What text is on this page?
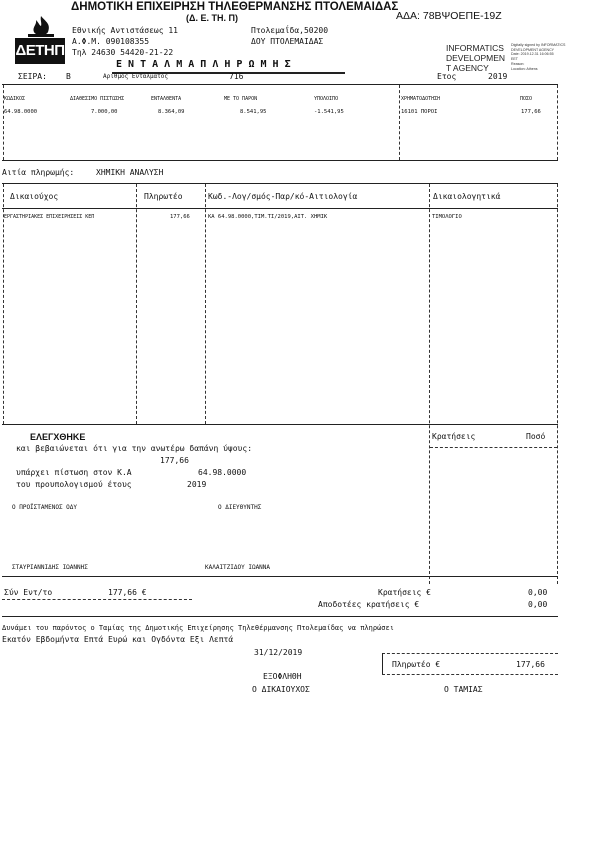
ΔΕΤΗΠ
ΔΗΜΟΤΙΚΗ ΕΠΙΧΕΙΡΗΣΗ ΤΗΛΕΘΕΡΜΑΝΣΗΣ ΠΤΟΛΕΜΑΙΔΑΣ
(Δ. Ε. ΤΗ. Π)	ΑΔΑ: 78ΒΨΟΕΠΕ-19Ζ
Εθνικής Αντιστάσεως 11	Πτολεμαΐδα,50200
Α.Φ.Μ. 090108355	ΔΟΥ ΠΤΟΛΕΜΑΙΔΑΣ
Τηλ 24630 54420-21-22	INFORMATICS
DEVELOPMEN
T AGENCY
Digitally signed by INFORMATICS
DEVELOPMENT AGENCY
Date: 2019.12.31 16:06:55
EET
Reason:
Location: Athens
Ε Ν Τ Α Λ Μ Α Π Λ Η Ρ Ω Μ Η Σ
ΣΕΙΡΑ: Β	Αριθμος Ενταλματος	716	Ετος	2019
ΚΩΔΙΚΟΣ	ΔΙΑΘΕΣΙΜΟ ΠΙΣΤΩΣΗΣ	ΕΝΤΑΛΘΕΝΤΑ	ΜΕ ΤΟ ΠΑΡΟΝ	ΥΠΟΛΟΙΠΟ	ΧΡΗΜΑΤΟΔΟΤΗΣΗ	ΠΟΣΟ
64.98.0000	7.000,00	8.364,09	8.541,95	-1.541,95	16101 ΠΟΡΟΙ	177,66
Αιτία πληρωμής:	ΧΗΜΙΚΗ ΑΝΑΛΥΣΗ
Δικαιούχος	Πληρωτέο	Κωδ.-Λογ/σμός-Παρ/κό-Αιτιολογία	Δικαιολογητικά
ΕΡΓΑΣΤΗΡΙΑΚΕΣ ΕΠΙΧΕΙΡΗΣΕΙΣ ΚΕΠ	177,66	ΚΑ 64.98.0000,ΤΙΜ.ΤΙ/2019,ΑΙΤ. ΧΗΜΙΚ	ΤΙΜΟΛΟΓΙΟ
ΕΛΕΓΧΘΗΚΕ
και βεβαιώνεται ότι για την ανωτέρω δαπάνη ύψους:
177,66
υπάρχει πίστωση στον Κ.Α	64.98.0000
του προυπολογισμού έτους	2019
Ο ΠΡΟΪΣΤΑΜΕΝΟΣ ΟΔΥ	Ο ΔΙΕΥΘΥΝΤΗΣ
ΣΤΑΥΡΙΑΝΝΙΔΗΣ ΙΩΑΝΝΗΣ	ΚΑΛΑΙΤΖΙΔΟΥ ΙΩΑΝΝΑ
Κρατήσεις	Ποσό
Σύν Εντ/το	177,66 €	Κρατήσεις €	0,00
Αποδοτέες κρατήσεις €	0,00
Δυνάμει του παρόντος ο Ταμίας της Δημοτικής Επιχείρησης Τηλεθέρμανσης Πτολεμαίδας να πληρώσει
Εκατόν Εβδομήντα Επτά Ευρώ και Ογδόντα Εξι Λεπτά
31/12/2019
Πληρωτέο €	177,66
ΕΞΟΦΛΗΘΗ
Ο ΔΙΚΑΙΟΥΧΟΣ	Ο ΤΑΜΙΑΣ
